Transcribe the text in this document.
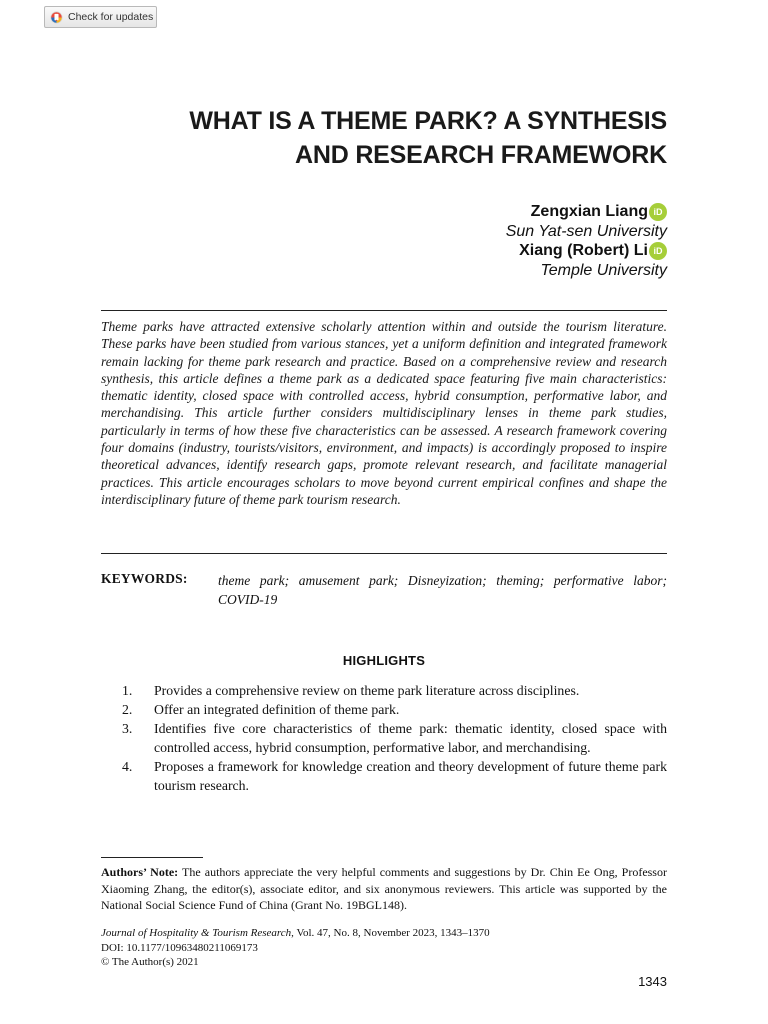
Check for updates
WHAT IS A THEME PARK? A SYNTHESIS
AND RESEARCH FRAMEWORK
Zengxian Liang iD
Sun Yat-sen University
Xiang (Robert) Li iD
Temple University

Theme parks have attracted extensive scholarly attention within and outside the tourism literature. These parks have been studied from various stances, yet a uniform definition and integrated framework remain lacking for theme park research and practice. Based on a comprehensive review and research synthesis, this article defines a theme park as a dedicated space featuring five main characteristics: thematic identity, closed space with controlled access, hybrid consumption, performative labor, and merchandising. This article further considers multidisciplinary lenses in theme park studies, particularly in terms of how these five characteristics can be assessed. A research framework covering four domains (industry, tourists/visitors, environment, and impacts) is accordingly proposed to inspire theoretical advances, identify research gaps, promote relevant research, and facilitate managerial practices. This article encourages scholars to move beyond current empirical confines and shape the interdisciplinary future of theme park tourism research.

KEYWORDS: theme park; amusement park; Disneyization; theming; performative labor; COVID-19

HIGHLIGHTS
1.	Provides a comprehensive review on theme park literature across disciplines.
2.	Offer an integrated definition of theme park.
3.	Identifies five core characteristics of theme park: thematic identity, closed space with controlled access, hybrid consumption, performative labor, and merchandising.
4.	Proposes a framework for knowledge creation and theory development of future theme park tourism research.

Authors’ Note: The authors appreciate the very helpful comments and suggestions by Dr. Chin Ee Ong, Professor Xiaoming Zhang, the editor(s), associate editor, and six anonymous reviewers. This article was supported by the National Social Science Fund of China (Grant No. 19BGL148).

Journal of Hospitality & Tourism Research, Vol. 47, No. 8, November 2023, 1343–1370
DOI: 10.1177/10963480211069173
© The Author(s) 2021
1343
